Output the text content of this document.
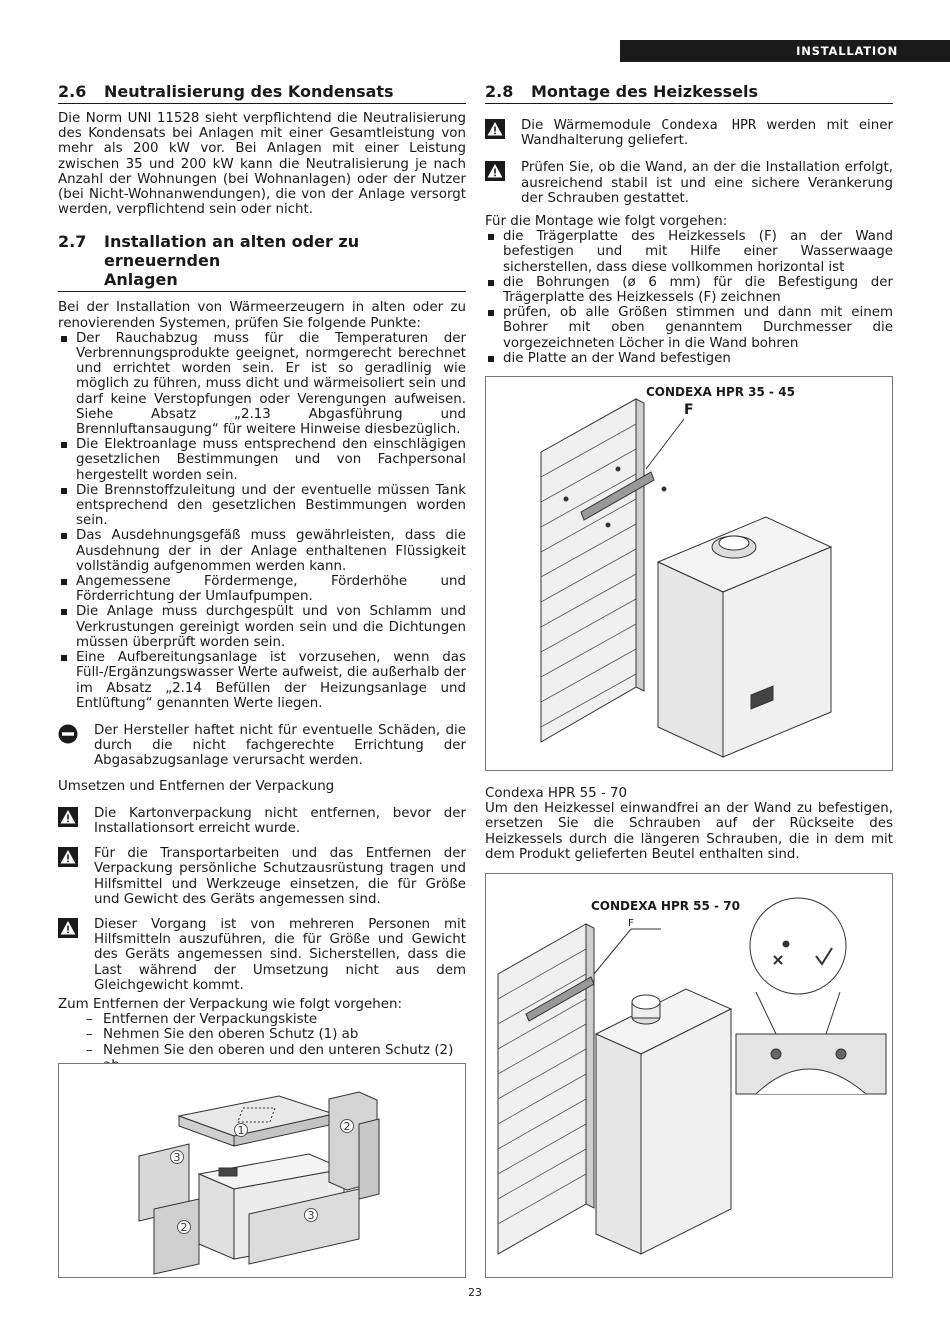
INSTALLATION
2.6	Neutralisierung des Kondensats

Die Norm UNI 11528 sieht verpflichtend die Neutralisierung des Kondensats bei Anlagen mit einer Gesamtleistung von mehr als 200 kW vor. Bei Anlagen mit einer Leistung zwischen 35 und 200 kW kann die Neutralisierung je nach Anzahl der Wohnungen (bei Wohnanlagen) oder der Nutzer (bei Nicht-Wohnanwendungen), die von der Anlage versorgt werden, verpflichtend sein oder nicht.

2.7	Installation an alten oder zu erneuernden
Anlagen

Bei der Installation von Wärmeerzeugern in alten oder zu renovierenden Systemen, prüfen Sie folgende Punkte:

Der Rauchabzug muss für die Temperaturen der Verbrennungsprodukte geeignet, normgerecht berechnet und errichtet worden sein. Er ist so geradlinig wie möglich zu führen, muss dicht und wärmeisoliert sein und darf keine Verstopfungen oder Verengungen aufweisen. Siehe Absatz „2.13 Abgasführung und Brennluftansaugung“ für weitere Hinweise diesbezüglich.
Die Elektroanlage muss entsprechend den einschlägigen gesetzlichen Bestimmungen und von Fachpersonal hergestellt worden sein.
Die Brennstoffzuleitung und der eventuelle müssen Tank entsprechend den gesetzlichen Bestimmungen worden sein.
Das Ausdehnungsgefäß muss gewährleisten, dass die Ausdehnung der in der Anlage enthaltenen Flüssigkeit vollständig aufgenommen werden kann.
Angemessene Fördermenge, Förderhöhe und Förderrichtung der Umlaufpumpen.
Die Anlage muss durchgespült und von Schlamm und Verkrustungen gereinigt worden sein und die Dichtungen müssen überprüft worden sein.
Eine Aufbereitungsanlage ist vorzusehen, wenn das Füll-/Ergänzungswasser Werte aufweist, die außerhalb der im Absatz „2.14 Befüllen der Heizungsanlage und Entlüftung“ genannten Werte liegen.
Der Hersteller haftet nicht für eventuelle Schäden, die durch die nicht fachgerechte Errichtung der Abgasabzugsanlage verursacht werden.
Umsetzen und Entfernen der Verpackung
Die Kartonverpackung nicht entfernen, bevor der Installationsort erreicht wurde.
Für die Transportarbeiten und das Entfernen der Verpackung persönliche Schutzausrüstung tragen und Hilfsmittel und Werkzeuge einsetzen, die für Größe und Gewicht des Geräts angemessen sind.
Dieser Vorgang ist von mehreren Personen mit Hilfsmitteln auszuführen, die für Größe und Gewicht des Geräts angemessen sind. Sicherstellen, dass die Last während der Umsetzung nicht aus dem Gleichgewicht kommt.

Zum Entfernen der Verpackung wie folgt vorgehen:

– Entfernen der Verpackungskiste
– Nehmen Sie den oberen Schutz (1) ab
– Nehmen Sie den oberen und den unteren Schutz (2)
–
–
1	2
3
2
3
2.8	Montage des Heizkessels
Die Wärmemodule Condexa HPR werden mit einer Wandhalterung geliefert.
Prüfen Sie, ob die Wand, an der die Installation erfolgt, ausreichend stabil ist und eine sichere Verankerung der Schrauben gestattet.

Für die Montage wie folgt vorgehen:

die Trägerplatte des Heizkessels (F) an der Wand befestigen und mit Hilfe einer Wasserwaage sicherstellen, dass diese vollkommen horizontal ist
die Bohrungen (ø 6 mm) für die Befestigung der Trägerplatte des Heizkessels (F) zeichnen
prüfen, ob alle Größen stimmen und dann mit einem Bohrer mit oben genanntem Durchmesser die vorgezeichneten Löcher in die Wand bohren
die Platte an der Wand befestigen
CONDEXA HPR 35 - 45
F
Condexa HPR 55 - 70

Um den Heizkessel einwandfrei an der Wand zu befestigen, ersetzen Sie die Schrauben auf der Rückseite des Heizkessels durch die längeren Schrauben, die in dem mit dem Produkt gelieferten Beutel enthalten sind.

CONDEXA HPR 55 - 70
F
23
